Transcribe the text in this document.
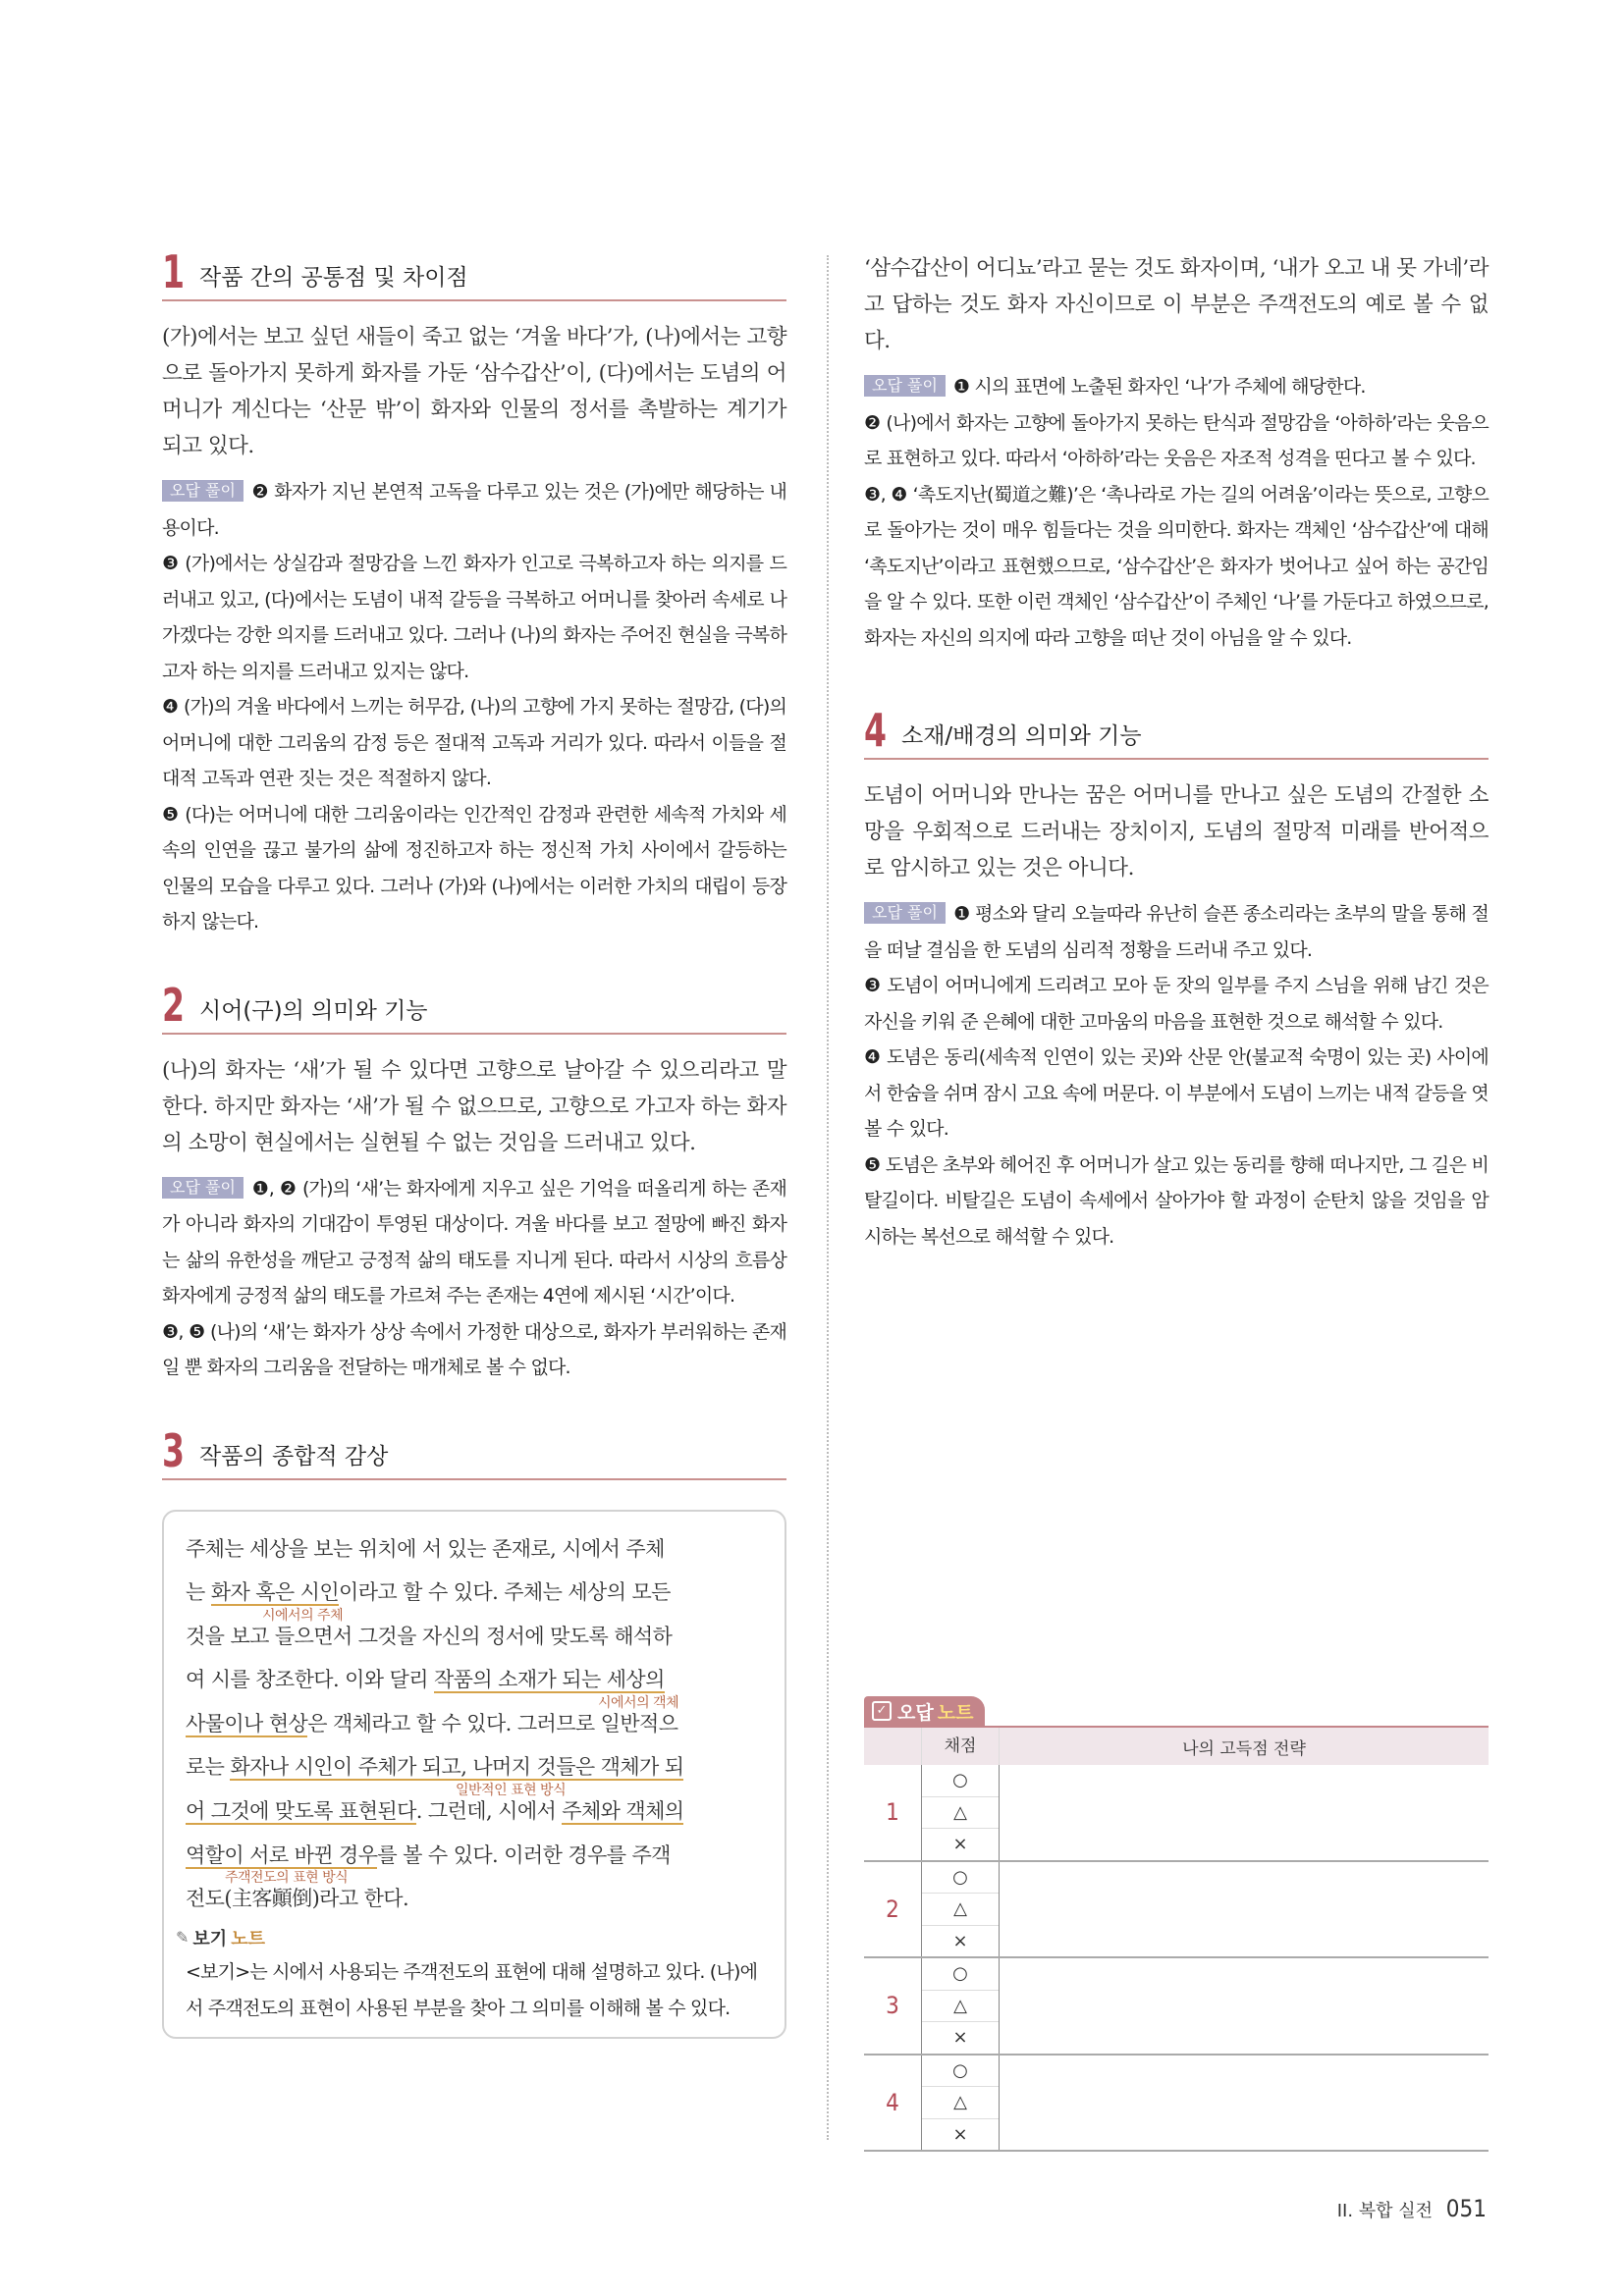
1 작품 간의 공통점 및 차이점

(가)에서는 보고 싶던 새들이 죽고 없는 ‘겨울 바다’가, (나)에서는 고향으로 돌아가지 못하게 화자를 가둔 ‘삼수갑산’이, (다)에서는 도념의 어머니가 계신다는 ‘산문 밖’이 화자와 인물의 정서를 촉발하는 계기가 되고 있다.

오답 풀이 ❷ 화자가 지닌 본연적 고독을 다루고 있는 것은 (가)에만 해당하는 내용이다.

❸ (가)에서는 상실감과 절망감을 느낀 화자가 인고로 극복하고자 하는 의지를 드러내고 있고, (다)에서는 도념이 내적 갈등을 극복하고 어머니를 찾아러 속세로 나가겠다는 강한 의지를 드러내고 있다. 그러나 (나)의 화자는 주어진 현실을 극복하고자 하는 의지를 드러내고 있지는 않다.

❹ (가)의 겨울 바다에서 느끼는 허무감, (나)의 고향에 가지 못하는 절망감, (다)의 어머니에 대한 그리움의 감정 등은 절대적 고독과 거리가 있다. 따라서 이들을 절대적 고독과 연관 짓는 것은 적절하지 않다.

❺ (다)는 어머니에 대한 그리움이라는 인간적인 감정과 관련한 세속적 가치와 세속의 인연을 끊고 불가의 삶에 정진하고자 하는 정신적 가치 사이에서 갈등하는 인물의 모습을 다루고 있다. 그러나 (가)와 (나)에서는 이러한 가치의 대립이 등장하지 않는다.

2 시어(구)의 의미와 기능

(나)의 화자는 ‘새’가 될 수 있다면 고향으로 날아갈 수 있으리라고 말한다. 하지만 화자는 ‘새’가 될 수 없으므로, 고향으로 가고자 하는 화자의 소망이 현실에서는 실현될 수 없는 것임을 드러내고 있다.

오답 풀이 ❶, ❷ (가)의 ‘새’는 화자에게 지우고 싶은 기억을 떠올리게 하는 존재가 아니라 화자의 기대감이 투영된 대상이다. 겨울 바다를 보고 절망에 빠진 화자는 삶의 유한성을 깨닫고 긍정적 삶의 태도를 지니게 된다. 따라서 시상의 흐름상 화자에게 긍정적 삶의 태도를 가르쳐 주는 존재는 4연에 제시된 ‘시간’이다.

❸, ❺ (나)의 ‘새’는 화자가 상상 속에서 가정한 대상으로, 화자가 부러워하는 존재일 뿐 화자의 그리움을 전달하는 매개체로 볼 수 없다.

3 작품의 종합적 감상
주체는 세상을 보는 위치에 서 있는 존재로, 시에서 주체
는 화자 혹은 시인이라고 할 수 있다. 주체는 세상의 모든
시에서의 주체
것을 보고 들으면서 그것을 자신의 정서에 맞도록 해석하
여 시를 창조한다. 이와 달리 작품의 소재가 되는 세상의
시에서의 객체
사물이나 현상은 객체라고 할 수 있다. 그러므로 일반적으
로는 화자나 시인이 주체가 되고, 나머지 것들은 객체가 되
일반적인 표현 방식
어 그것에 맞도록 표현된다. 그런데, 시에서 주체와 객체의
역할이 서로 바뀐 경우를 볼 수 있다. 이러한 경우를 주객
주객전도의 표현 방식
전도(主客顚倒)라고 한다.
✎ 보기 노트

<보기>는 시에서 사용되는 주객전도의 표현에 대해 설명하고 있다. (나)에서 주객전도의 표현이 사용된 부분을 찾아 그 의미를 이해해 볼 수 있다.

‘삼수갑산이 어디뇨’라고 묻는 것도 화자이며, ‘내가 오고 내 못 가네’라고 답하는 것도 화자 자신이므로 이 부분은 주객전도의 예로 볼 수 없다.

오답 풀이 ❶ 시의 표면에 노출된 화자인 ‘나’가 주체에 해당한다.

❷ (나)에서 화자는 고향에 돌아가지 못하는 탄식과 절망감을 ‘아하하’라는 웃음으로 표현하고 있다. 따라서 ‘아하하’라는 웃음은 자조적 성격을 띤다고 볼 수 있다.

❸, ❹ ‘촉도지난(蜀道之難)’은 ‘촉나라로 가는 길의 어려움’이라는 뜻으로, 고향으로 돌아가는 것이 매우 힘들다는 것을 의미한다. 화자는 객체인 ‘삼수갑산’에 대해 ‘촉도지난’이라고 표현했으므로, ‘삼수갑산’은 화자가 벗어나고 싶어 하는 공간임을 알 수 있다. 또한 이런 객체인 ‘삼수갑산’이 주체인 ‘나’를 가둔다고 하였으므로, 화자는 자신의 의지에 따라 고향을 떠난 것이 아님을 알 수 있다.

4 소재/배경의 의미와 기능

도념이 어머니와 만나는 꿈은 어머니를 만나고 싶은 도념의 간절한 소망을 우회적으로 드러내는 장치이지, 도념의 절망적 미래를 반어적으로 암시하고 있는 것은 아니다.

오답 풀이 ❶ 평소와 달리 오늘따라 유난히 슬픈 종소리라는 초부의 말을 통해 절을 떠날 결심을 한 도념의 심리적 정황을 드러내 주고 있다.

❸ 도념이 어머니에게 드리려고 모아 둔 잣의 일부를 주지 스님을 위해 남긴 것은 자신을 키워 준 은혜에 대한 고마움의 마음을 표현한 것으로 해석할 수 있다.

❹ 도념은 동리(세속적 인연이 있는 곳)와 산문 안(불교적 숙명이 있는 곳) 사이에서 한숨을 쉬며 잠시 고요 속에 머문다. 이 부분에서 도념이 느끼는 내적 갈등을 엿볼 수 있다.

❺ 도념은 초부와 헤어진 후 어머니가 살고 있는 동리를 향해 떠나지만, 그 길은 비탈길이다. 비탈길은 도념이 속세에서 살아가야 할 과정이 순탄치 않을 것임을 암시하는 복선으로 해석할 수 있다.

✓ 오답 노트
채점	나의 고득점 전략
1
○
△
×
2
○
△
×
3
○
△
×
4
○
△
×
II. 복합 실전 051
